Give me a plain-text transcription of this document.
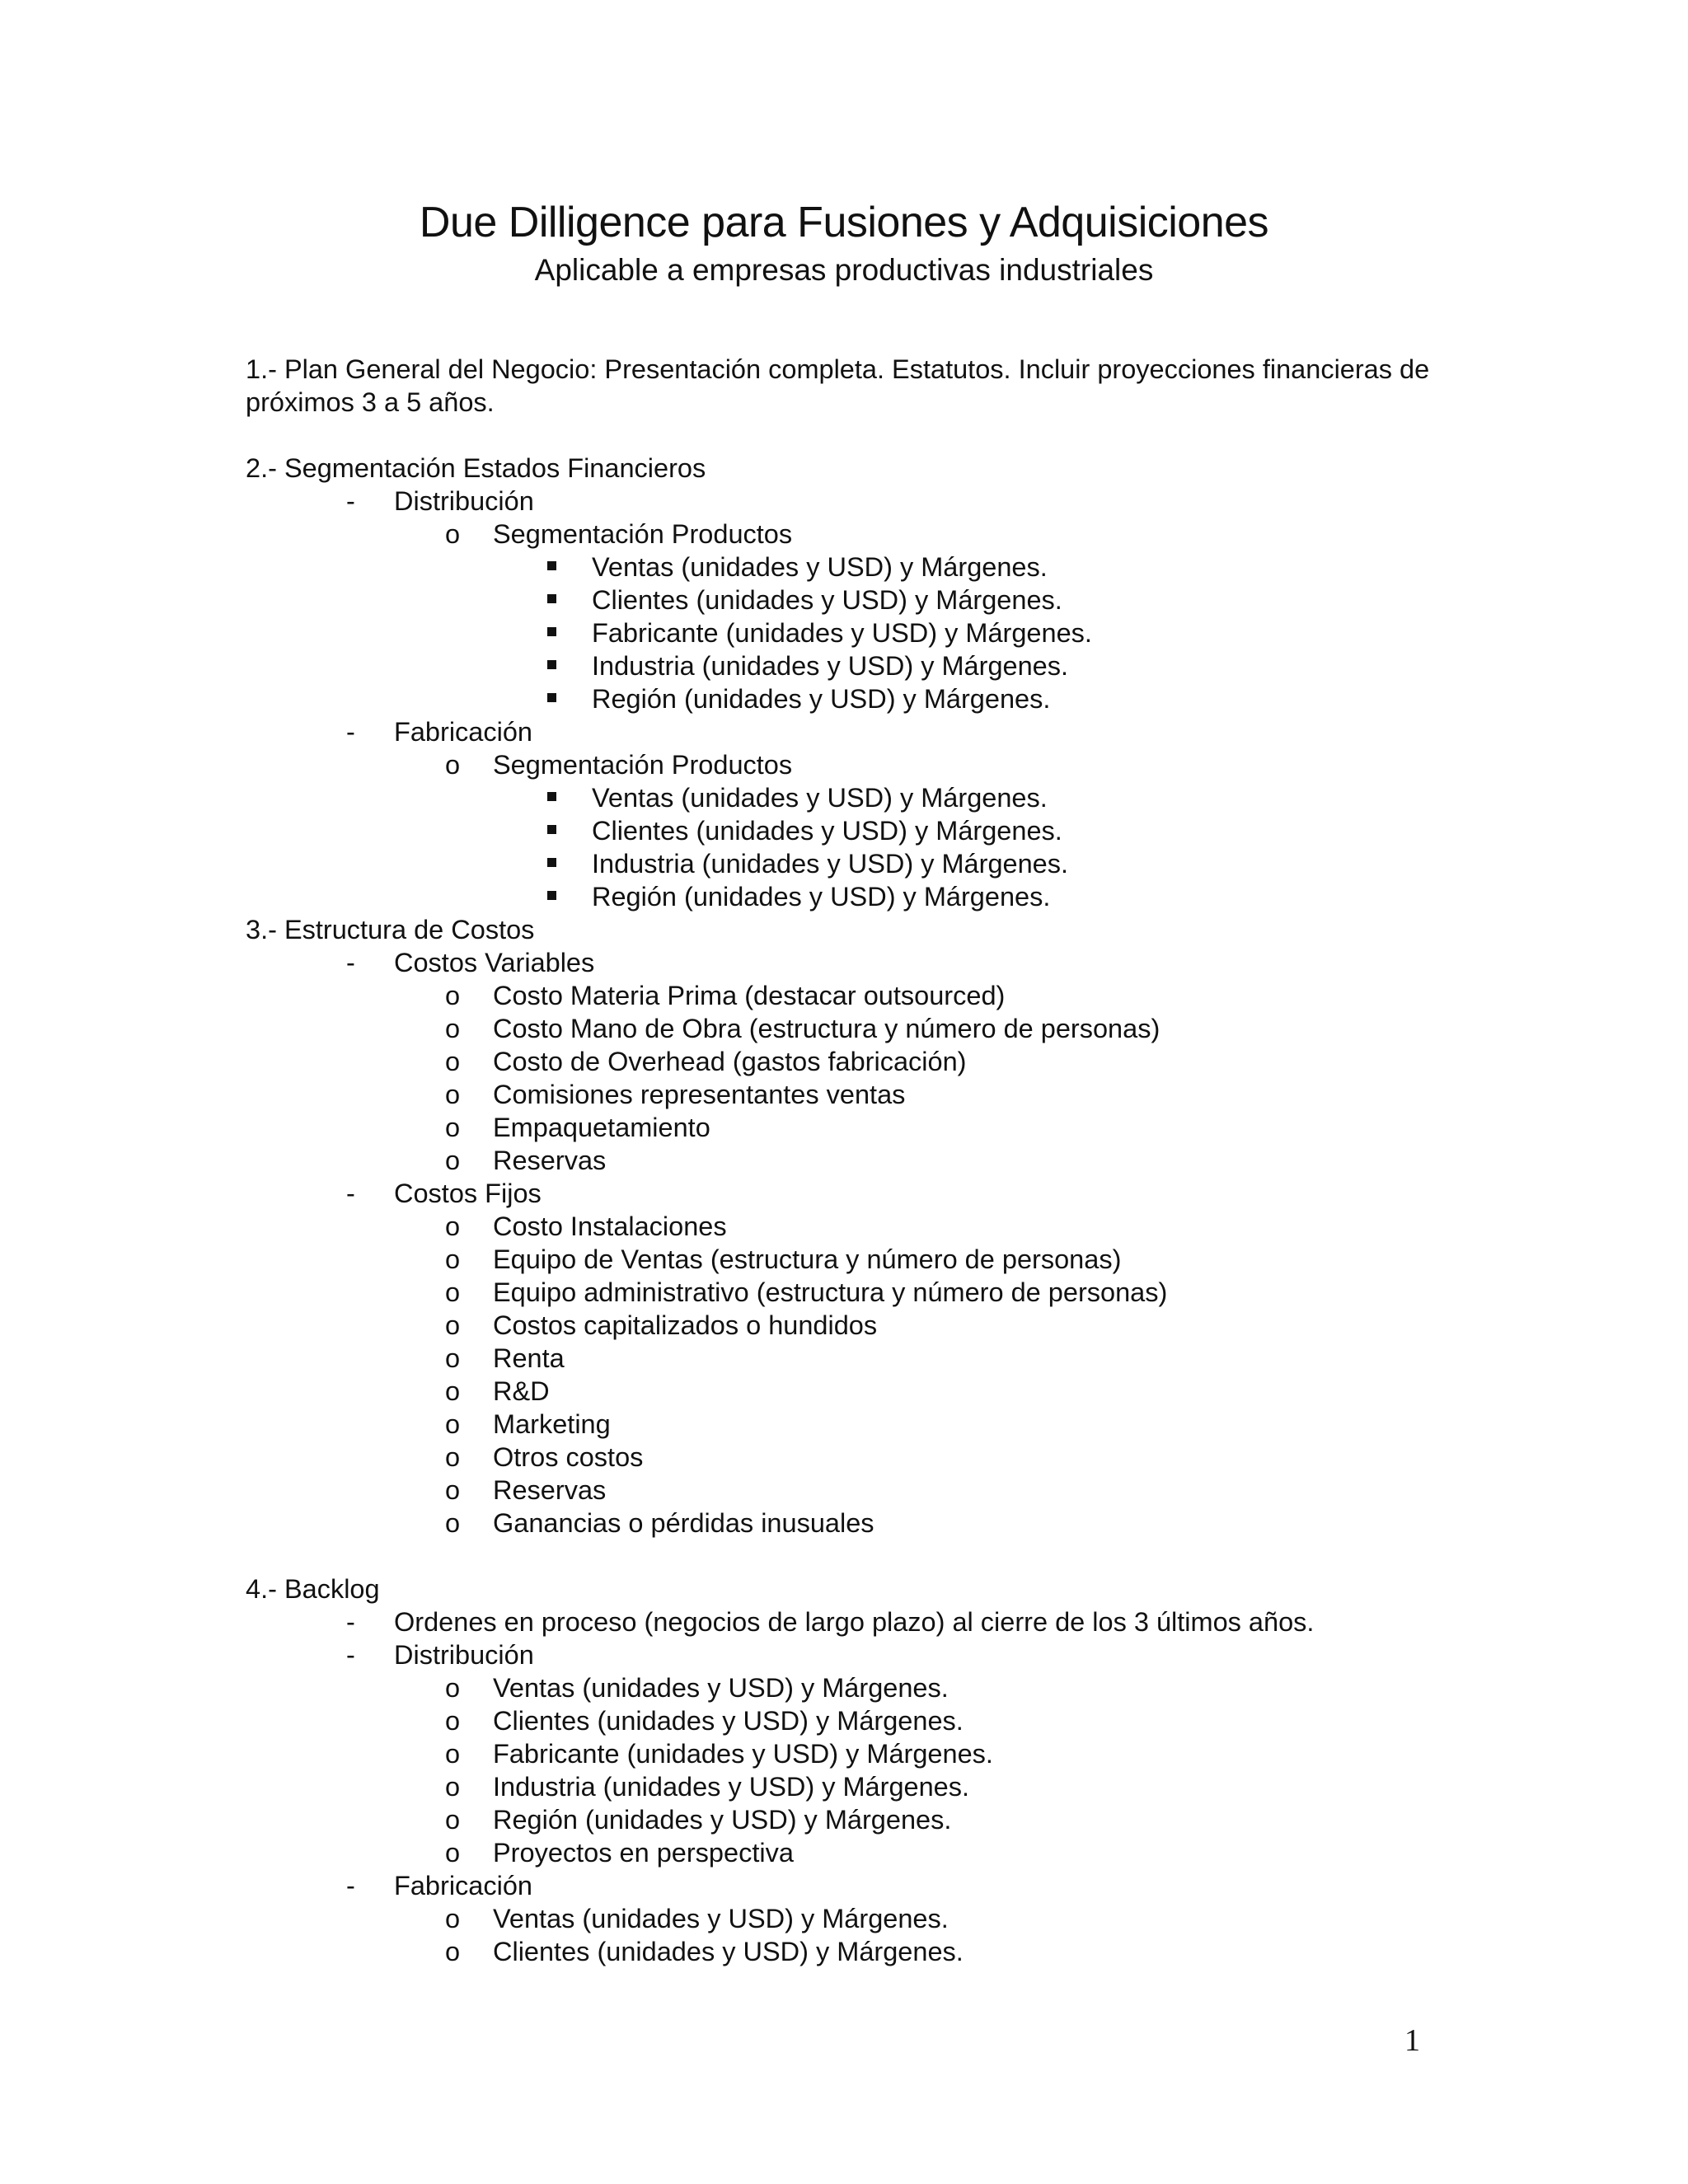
Due Dilligence para Fusiones y Adquisiciones
Aplicable a empresas productivas industriales
1.- Plan General del Negocio: Presentación completa. Estatutos. Incluir proyecciones financieras de
próximos 3 a 5 años.
2.- Segmentación Estados Financieros
- Distribución
o Segmentación Productos
Ventas (unidades y USD) y Márgenes.
Clientes (unidades y USD) y Márgenes.
Fabricante (unidades y USD) y Márgenes.
Industria (unidades y USD) y Márgenes.
Región (unidades y USD) y Márgenes.
- Fabricación
o Segmentación Productos
Ventas (unidades y USD) y Márgenes.
Clientes (unidades y USD) y Márgenes.
Industria (unidades y USD) y Márgenes.
Región (unidades y USD) y Márgenes.
3.- Estructura de Costos
- Costos Variables
o Costo Materia Prima (destacar outsourced)
o Costo Mano de Obra (estructura y número de personas)
o Costo de Overhead (gastos fabricación)
o Comisiones representantes ventas
o Empaquetamiento
o Reservas
- Costos Fijos
o Costo Instalaciones
o Equipo de Ventas (estructura y número de personas)
o Equipo administrativo (estructura y número de personas)
o Costos capitalizados o hundidos
o Renta
o R&D
o Marketing
o Otros costos
o Reservas
o Ganancias o pérdidas inusuales
4.- Backlog
- Ordenes en proceso (negocios de largo plazo) al cierre de los 3 últimos años.
- Distribución
o Ventas (unidades y USD) y Márgenes.
o Clientes (unidades y USD) y Márgenes.
o Fabricante (unidades y USD) y Márgenes.
o Industria (unidades y USD) y Márgenes.
o Región (unidades y USD) y Márgenes.
o Proyectos en perspectiva
- Fabricación
o Ventas (unidades y USD) y Márgenes.
o Clientes (unidades y USD) y Márgenes.
1
